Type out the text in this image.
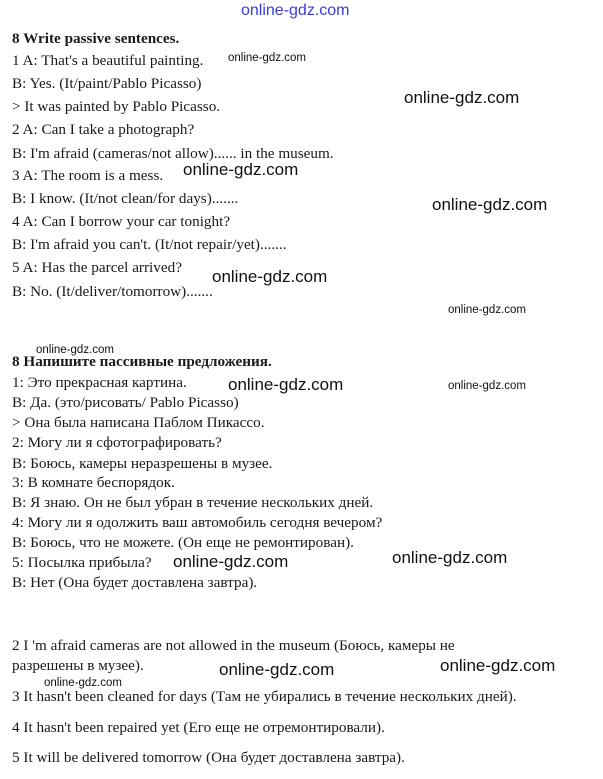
online-gdz.com
8 Write passive sentences.
1 A: That's a beautiful painting.
B: Yes. (It/paint/Pablo Picasso)
> It was painted by Pablo Picasso.
2 A: Can I take a photograph?
B: I'm afraid (cameras/not allow)...... in the museum.
3 A: The room is a mess.
B: I know. (It/not clean/for days).......
4 A: Can I borrow your car tonight?
B: I'm afraid you can't. (It/not repair/yet).......
5 A: Has the parcel arrived?
B: No. (It/deliver/tomorrow).......
8 Напишите пассивные предложения.
1: Это прекрасная картина.
В: Да. (это/рисовать/ Pablo Picasso)
> Она была написана Паблом Пикассо.
2: Могу ли я сфотографировать?
В: Боюсь, камеры неразрешены в музее.
3: В комнате беспорядок.
В: Я знаю. Он не был убран в течение нескольких дней.
4: Могу ли я одолжить ваш автомобиль сегодня вечером?
В: Боюсь, что не можете. (Он еще не ремонтирован).
5: Посылка прибыла?
В: Нет (Она будет доставлена завтра).
2 I 'm afraid cameras are not allowed in the museum (Боюсь, камеры не
разрешены в музее).
3 It hasn't been cleaned for days (Там не убирались в течение нескольких дней).
4 It hasn't been repaired yet (Его еще не отремонтировали).
5 It will be delivered tomorrow (Она будет доставлена завтра).
online-gdz.com
online-gdz.com
online-gdz.com
online-gdz.com
online-gdz.com
online-gdz.com
online-gdz.com
online-gdz.com	online-gdz.com
online-gdz.com
online-gdz.com
online-gdz.com
online-gdz.com	online-gdz.com
